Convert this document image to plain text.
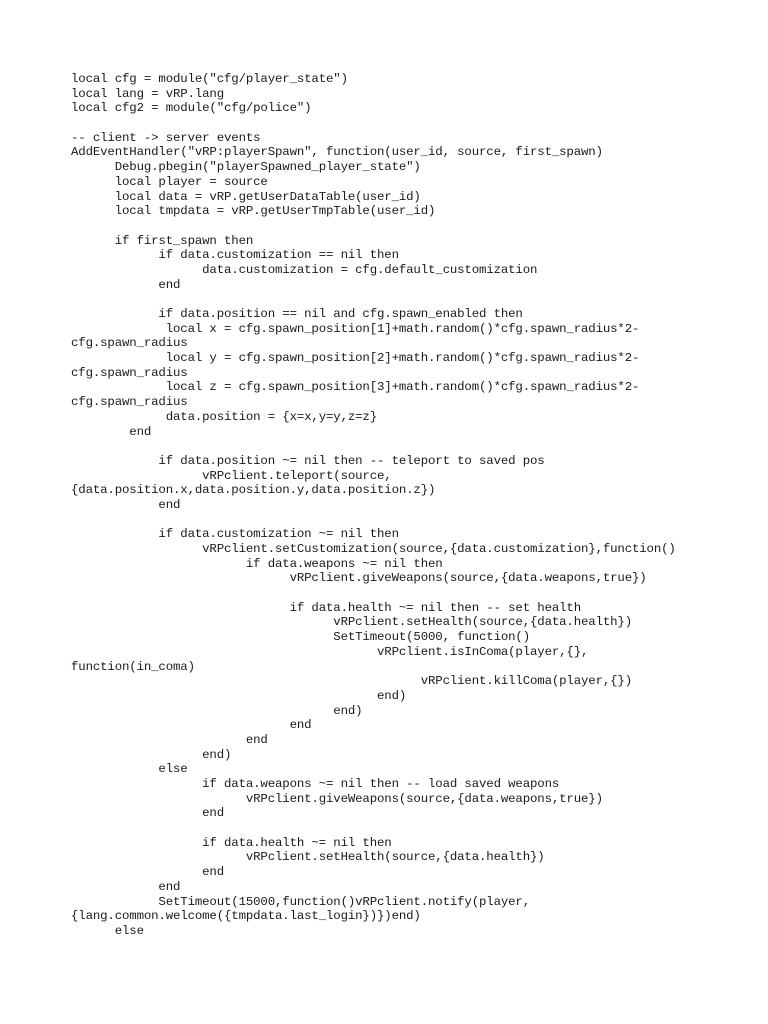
local cfg = module("cfg/player_state")
local lang = vRP.lang
local cfg2 = module("cfg/police")
-- client -> server events
AddEventHandler("vRP:playerSpawn", function(user_id, source, first_spawn)
Debug.pbegin("playerSpawned_player_state")
local player = source
local data = vRP.getUserDataTable(user_id)
local tmpdata = vRP.getUserTmpTable(user_id)
if first_spawn then
if data.customization == nil then
data.customization = cfg.default_customization
end
if data.position == nil and cfg.spawn_enabled then
local x = cfg.spawn_position[1]+math.random()*cfg.spawn_radius*2-
cfg.spawn_radius
local y = cfg.spawn_position[2]+math.random()*cfg.spawn_radius*2-
cfg.spawn_radius
local z = cfg.spawn_position[3]+math.random()*cfg.spawn_radius*2-
cfg.spawn_radius
data.position = {x=x,y=y,z=z}
end
if data.position ~= nil then -- teleport to saved pos
vRPclient.teleport(source,
{data.position.x,data.position.y,data.position.z})
end
if data.customization ~= nil then
vRPclient.setCustomization(source,{data.customization},function()
if data.weapons ~= nil then
vRPclient.giveWeapons(source,{data.weapons,true})
if data.health ~= nil then -- set health
vRPclient.setHealth(source,{data.health})
SetTimeout(5000, function()
vRPclient.isInComa(player,{},
function(in_coma)
vRPclient.killComa(player,{})
end)
end)
end
end
end)
else
if data.weapons ~= nil then -- load saved weapons
vRPclient.giveWeapons(source,{data.weapons,true})
end
if data.health ~= nil then
vRPclient.setHealth(source,{data.health})
end
end
SetTimeout(15000,function()vRPclient.notify(player,
{lang.common.welcome({tmpdata.last_login})})end)
else
